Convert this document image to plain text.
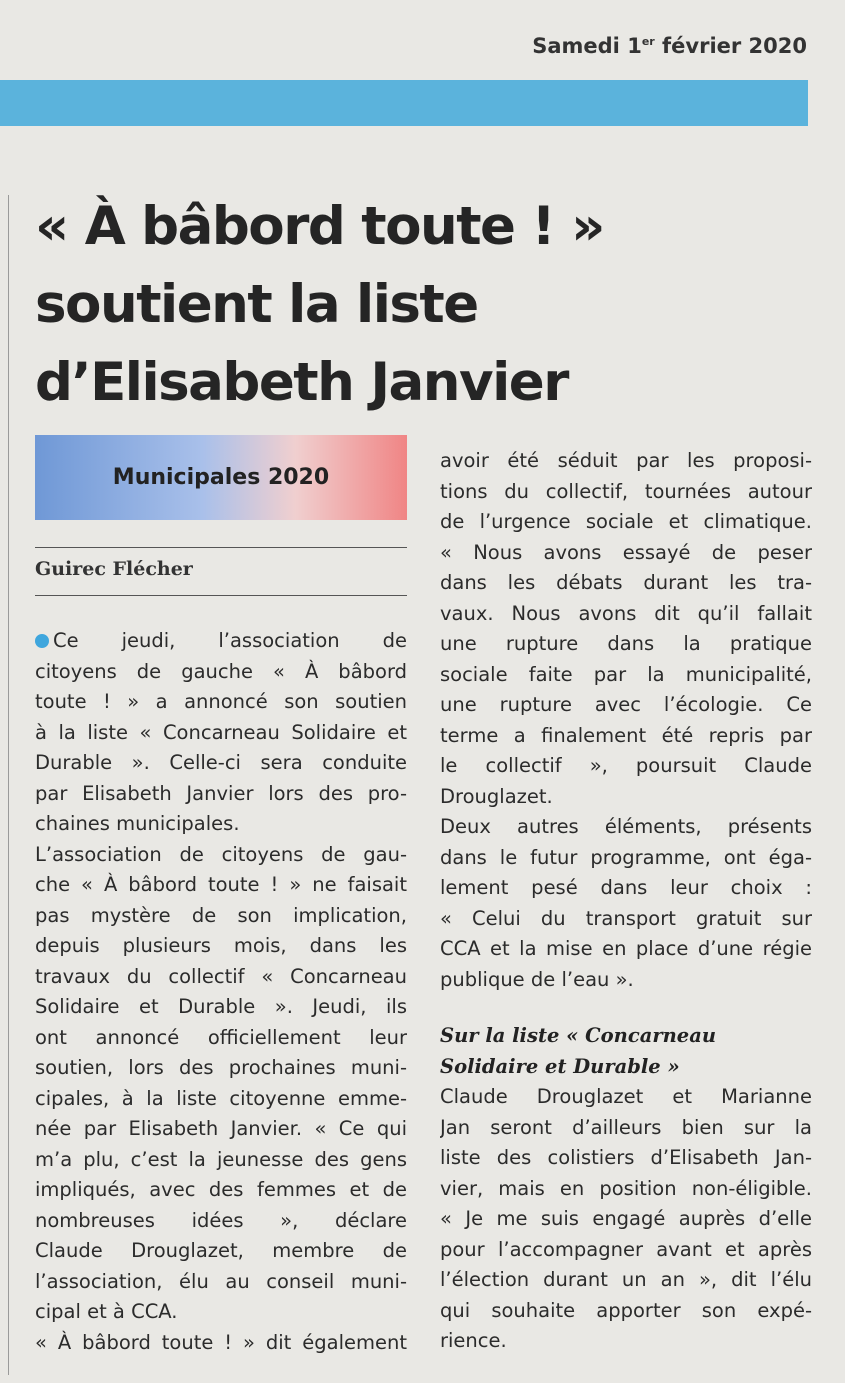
Samedi 1er février 2020
« À bâbord toute ! »
soutient la liste
d’Elisabeth Janvier
Municipales 2020
Guirec Flécher
Ce jeudi, l’association de
citoyens de gauche « À bâbord
toute ! » a annoncé son soutien
à la liste « Concarneau Solidaire et
Durable ». Celle-ci sera conduite
par Elisabeth Janvier lors des pro-
chaines municipales.
L’association de citoyens de gau-
che « À bâbord toute ! » ne faisait
pas mystère de son implication,
depuis plusieurs mois, dans les
travaux du collectif « Concarneau
Solidaire et Durable ». Jeudi, ils
ont annoncé officiellement leur
soutien, lors des prochaines muni-
cipales, à la liste citoyenne emme-
née par Elisabeth Janvier. « Ce qui
m’a plu, c’est la jeunesse des gens
impliqués, avec des femmes et de
nombreuses idées », déclare
Claude Drouglazet, membre de
l’association, élu au conseil muni-
cipal et à CCA.
« À bâbord toute ! » dit également
avoir été séduit par les proposi-
tions du collectif, tournées autour
de l’urgence sociale et climatique.
« Nous avons essayé de peser
dans les débats durant les tra-
vaux. Nous avons dit qu’il fallait
une rupture dans la pratique
sociale faite par la municipalité,
une rupture avec l’écologie. Ce
terme a finalement été repris par
le collectif », poursuit Claude
Drouglazet.
Deux autres éléments, présents
dans le futur programme, ont éga-
lement pesé dans leur choix :
« Celui du transport gratuit sur
CCA et la mise en place d’une régie
publique de l’eau ».
Sur la liste « Concarneau
Solidaire et Durable »
Claude Drouglazet et Marianne
Jan seront d’ailleurs bien sur la
liste des colistiers d’Elisabeth Jan-
vier, mais en position non-éligible.
« Je me suis engagé auprès d’elle
pour l’accompagner avant et après
l’élection durant un an », dit l’élu
qui souhaite apporter son expé-
rience.
